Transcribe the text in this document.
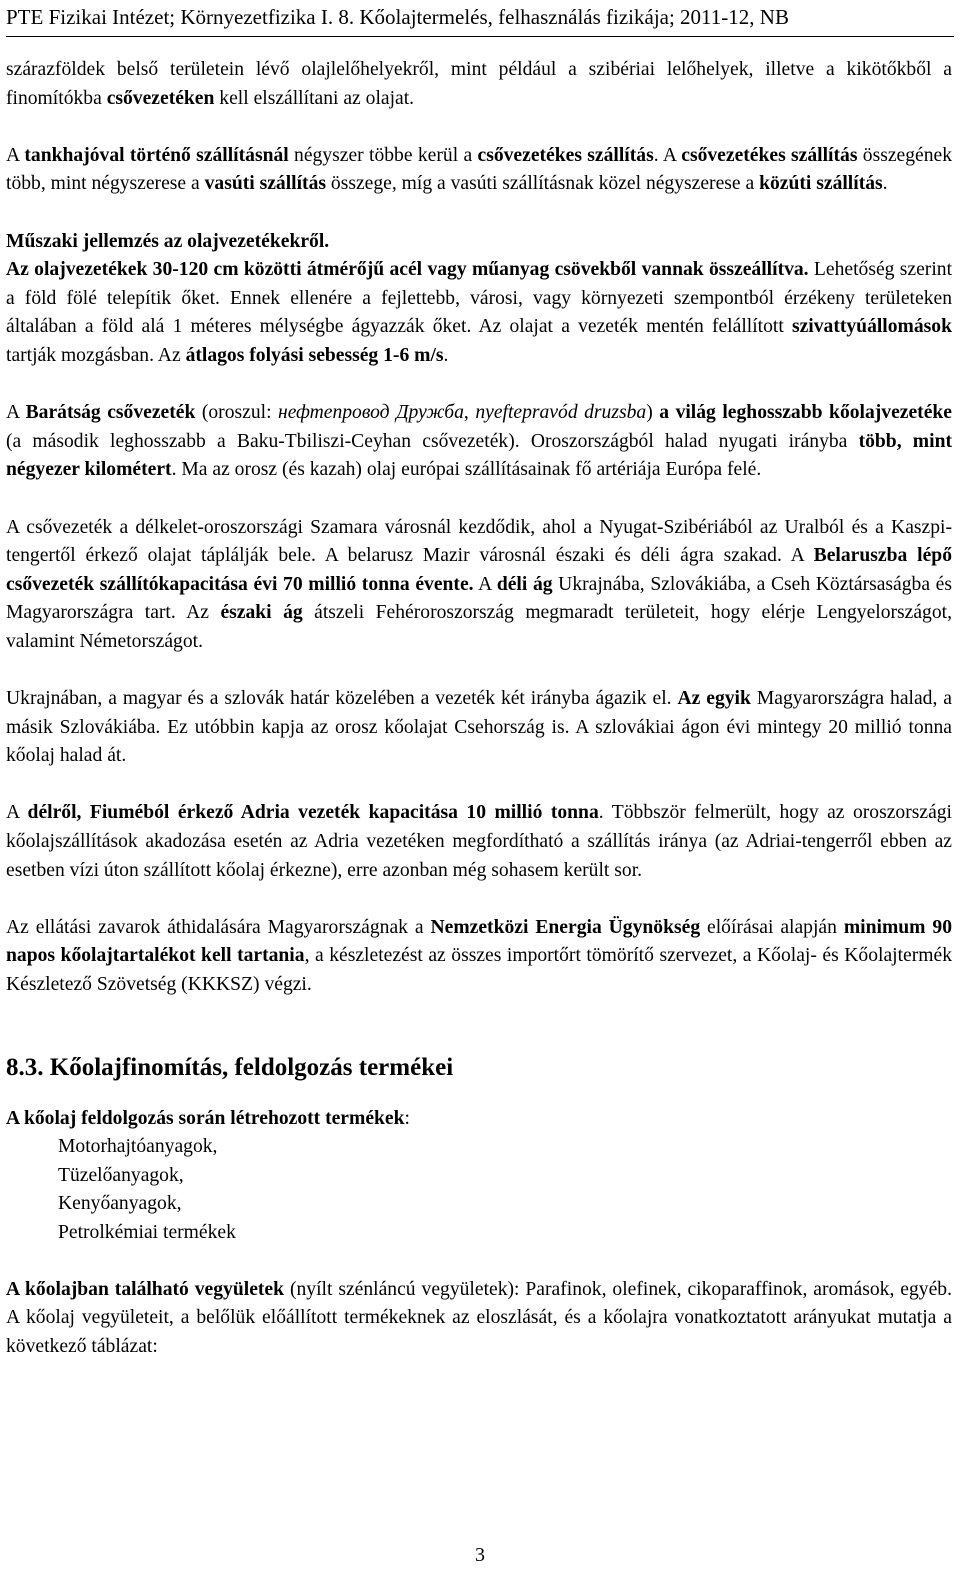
PTE Fizikai Intézet; Környezetfizika I. 8. Kőolajtermelés, felhasználás fizikája; 2011-12, NB

szárazföldek belső területein lévő olajlelőhelyekről, mint például a szibériai lelőhelyek, illetve a kikötőkből a finomítókba csővezetéken kell elszállítani az olajat.

A tankhajóval történő szállításnál négyszer többe kerül a csővezetékes szállítás. A csővezetékes szállítás összegének több, mint négyszerese a vasúti szállítás összege, míg a vasúti szállításnak közel négyszerese a közúti szállítás.

Műszaki jellemzés az olajvezetékekről.
Az olajvezetékek 30-120 cm közötti átmérőjű acél vagy műanyag csövekből vannak összeállítva. Lehetőség szerint a föld fölé telepítik őket. Ennek ellenére a fejlettebb, városi, vagy környezeti szempontból érzékeny területeken általában a föld alá 1 méteres mélységbe ágyazzák őket. Az olajat a vezeték mentén felállított szivattyúállomások tartják mozgásban. Az átlagos folyási sebesség 1-6 m/s.

A Barátság csővezeték (oroszul: нефтепровод Дружба, nyeftepravód druzsba) a világ leghosszabb kőolajvezetéke (a második leghosszabb a Baku-Tbiliszi-Ceyhan csővezeték). Oroszországból halad nyugati irányba több, mint négyezer kilométert. Ma az orosz (és kazah) olaj európai szállításainak fő artériája Európa felé.

A csővezeték a délkelet-oroszországi Szamara városnál kezdődik, ahol a Nyugat-Szibériából az Uralból és a Kaszpi-tengertől érkező olajat táplálják bele. A belarusz Mazir városnál északi és déli ágra szakad. A Belaruszba lépő csővezeték szállítókapacitása évi 70 millió tonna évente. A déli ág Ukrajnába, Szlovákiába, a Cseh Köztársaságba és Magyarországra tart. Az északi ág átszeli Fehéroroszország megmaradt területeit, hogy elérje Lengyelországot, valamint Németországot.

Ukrajnában, a magyar és a szlovák határ közelében a vezeték két irányba ágazik el. Az egyik Magyarországra halad, a másik Szlovákiába. Ez utóbbin kapja az orosz kőolajat Csehország is. A szlovákiai ágon évi mintegy 20 millió tonna kőolaj halad át.

A délről, Fiuméból érkező Adria vezeték kapacitása 10 millió tonna. Többször felmerült, hogy az oroszországi kőolajszállítások akadozása esetén az Adria vezetéken megfordítható a szállítás iránya (az Adriai-tengerről ebben az esetben vízi úton szállított kőolaj érkezne), erre azonban még sohasem került sor.

Az ellátási zavarok áthidalására Magyarországnak a Nemzetközi Energia Ügynökség előírásai alapján minimum 90 napos kőolajtartalékot kell tartania, a készletezést az összes importőrt tömörítő szervezet, a Kőolaj- és Kőolajtermék Készletező Szövetség (KKKSZ) végzi.

8.3. Kőolajfinomítás, feldolgozás termékei

A kőolaj feldolgozás során létrehozott termékek:

Motorhajtóanyagok,
Tüzelőanyagok,
Kenyőanyagok,
Petrolkémiai termékek

A kőolajban található vegyületek (nyílt szénláncú vegyületek): Parafinok, olefinek, cikoparaffinok, aromások, egyéb. A kőolaj vegyületeit, a belőlük előállított termékeknek az eloszlását, és a kőolajra vonatkoztatott arányukat mutatja a következő táblázat:

3
